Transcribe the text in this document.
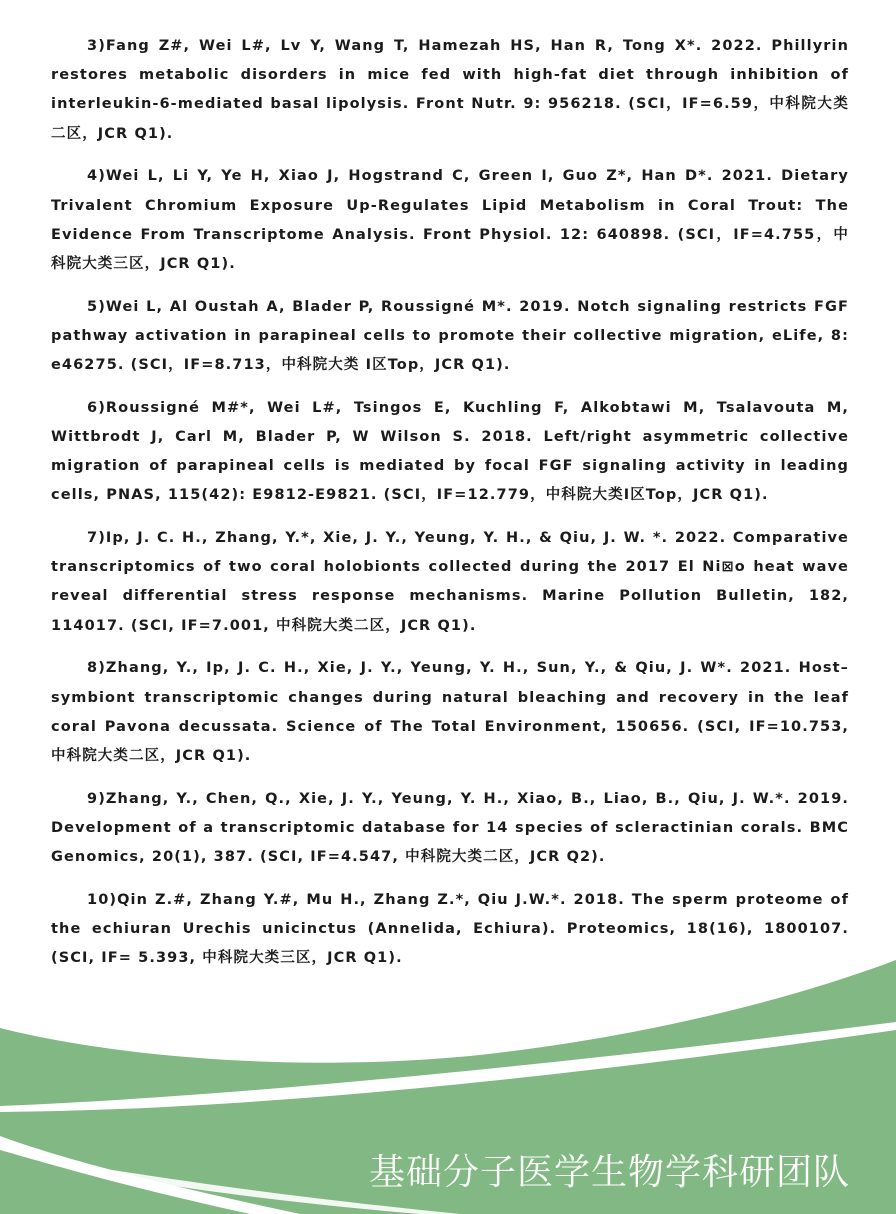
3)Fang Z#, Wei L#, Lv Y, Wang T, Hamezah HS, Han R, Tong X*. 2022. Phillyrin restores metabolic disorders in mice fed with high-fat diet through inhibition of interleukin-6-mediated basal lipolysis. Front Nutr. 9: 956218. (SCI，IF=6.59，中科院大类二区，JCR Q1).

4)Wei L, Li Y, Ye H, Xiao J, Hogstrand C, Green I, Guo Z*, Han D*. 2021. Dietary Trivalent Chromium Exposure Up-Regulates Lipid Metabolism in Coral Trout: The Evidence From Transcriptome Analysis. Front Physiol. 12: 640898. (SCI，IF=4.755，中科院大类三区，JCR Q1).

5)Wei L, Al Oustah A, Blader P, Roussigné M*. 2019. Notch signaling restricts FGF pathway activation in parapineal cells to promote their collective migration, eLife, 8: e46275. (SCI，IF=8.713，中科院大类 I区Top，JCR Q1).

6)Roussigné M#*, Wei L#, Tsingos E, Kuchling F, Alkobtawi M, Tsalavouta M, Wittbrodt J, Carl M, Blader P, W Wilson S. 2018. Left/right asymmetric collective migration of parapineal cells is mediated by focal FGF signaling activity in leading cells, PNAS, 115(42): E9812-E9821. (SCI，IF=12.779，中科院大类I区Top，JCR Q1).

7)Ip, J. C. H., Zhang, Y.*, Xie, J. Y., Yeung, Y. H., & Qiu, J. W. *. 2022. Comparative transcriptomics of two coral holobionts collected during the 2017 El Ni⊠o heat wave reveal differential stress response mechanisms. Marine Pollution Bulletin, 182, 114017. (SCI, IF=7.001, 中科院大类二区，JCR Q1).

8)Zhang, Y., Ip, J. C. H., Xie, J. Y., Yeung, Y. H., Sun, Y., & Qiu, J. W*. 2021. Host–symbiont transcriptomic changes during natural bleaching and recovery in the leaf coral Pavona decussata. Science of The Total Environment, 150656. (SCI, IF=10.753, 中科院大类二区，JCR Q1).

9)Zhang, Y., Chen, Q., Xie, J. Y., Yeung, Y. H., Xiao, B., Liao, B., Qiu, J. W.*. 2019. Development of a transcriptomic database for 14 species of scleractinian corals. BMC Genomics, 20(1), 387. (SCI, IF=4.547, 中科院大类二区，JCR Q2).

10)Qin Z.#, Zhang Y.#, Mu H., Zhang Z.*, Qiu J.W.*. 2018. The sperm proteome of the echiuran Urechis unicinctus (Annelida, Echiura). Proteomics, 18(16), 1800107. (SCI, IF= 5.393, 中科院大类三区，JCR Q1).

基础分子医学生物学科研团队
